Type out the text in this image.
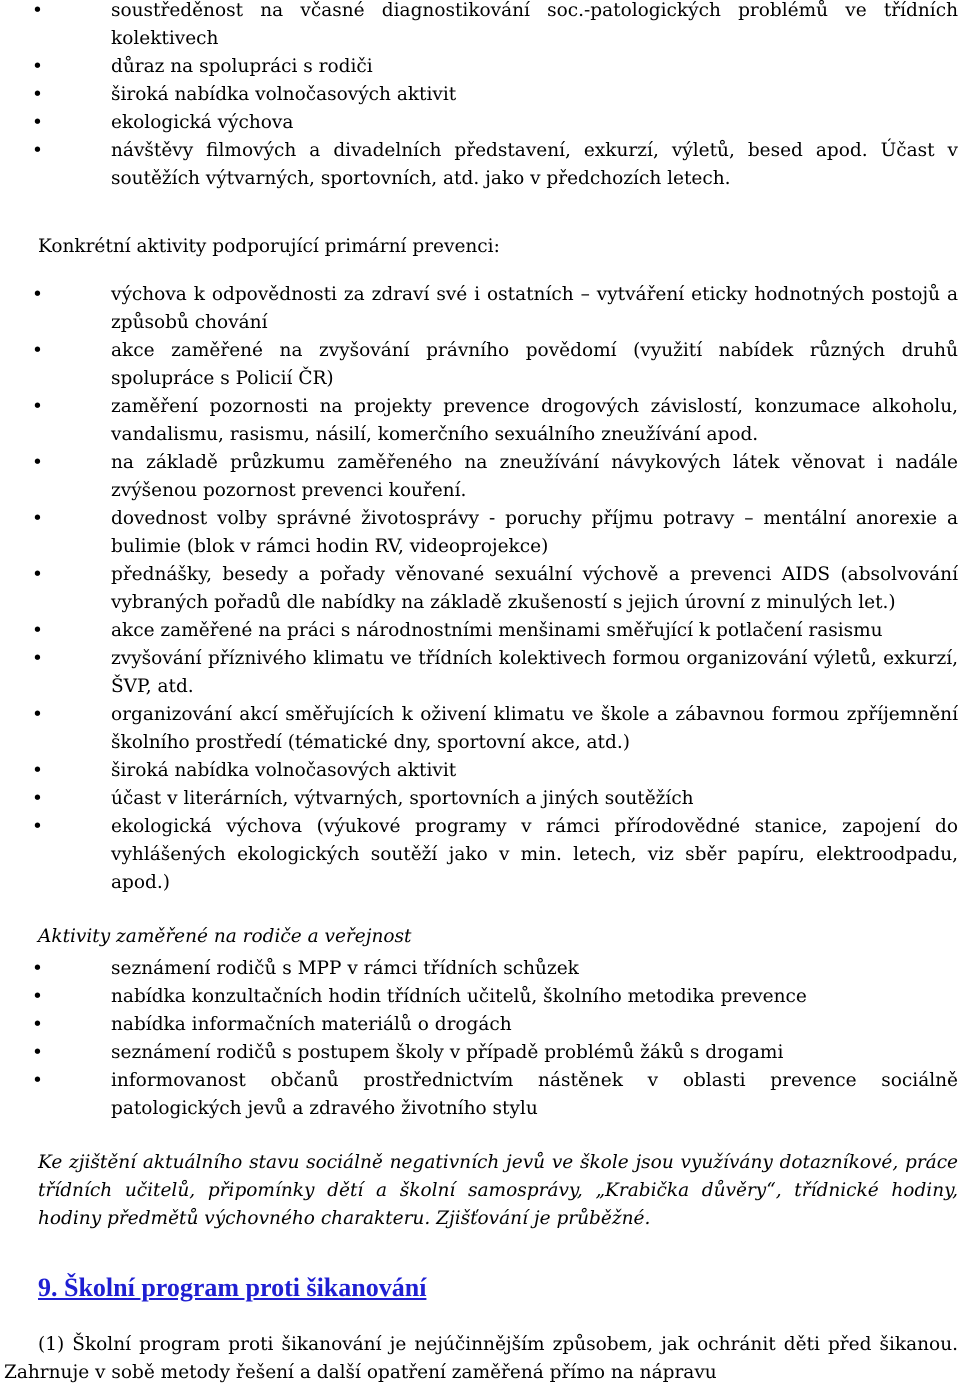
•soustředěnost na včasné diagnostikování soc.-patologických problémů ve třídních kolektivech

•důraz na spolupráci s rodiči

•široká nabídka volnočasových aktivit

•ekologická výchova

•návštěvy filmových a divadelních představení, exkurzí, výletů, besed apod. Účast v soutěžích výtvarných, sportovních, atd. jako v předchozích letech.

Konkrétní aktivity podporující primární prevenci:

•výchova k odpovědnosti za zdraví své i ostatních – vytváření eticky hodnotných postojů a způsobů chování

•akce zaměřené na zvyšování právního povědomí (využití nabídek různých druhů spolupráce s Policií ČR)

•zaměření pozornosti na projekty prevence drogových závislostí, konzumace alkoholu, vandalismu, rasismu, násilí, komerčního sexuálního zneužívání apod.

•na základě průzkumu zaměřeného na zneužívání návykových látek věnovat i nadále zvýšenou pozornost prevenci kouření.

•dovednost volby správné životosprávy - poruchy příjmu potravy – mentální anorexie a bulimie (blok v rámci hodin RV, videoprojekce)

•přednášky, besedy a pořady věnované sexuální výchově a prevenci AIDS (absolvování vybraných pořadů dle nabídky na základě zkušeností s jejich úrovní z minulých let.)

•akce zaměřené na práci s národnostními menšinami směřující k potlačení rasismu

•zvyšování příznivého klimatu ve třídních kolektivech formou organizování výletů, exkurzí, ŠVP, atd.

•organizování akcí směřujících k oživení klimatu ve škole a zábavnou formou zpříjemnění školního prostředí (tématické dny, sportovní akce, atd.)

•široká nabídka volnočasových aktivit

•účast v literárních, výtvarných, sportovních a jiných soutěžích

•ekologická výchova (výukové programy v rámci přírodovědné stanice, zapojení do vyhlášených ekologických soutěží jako v min. letech, viz sběr papíru, elektroodpadu, apod.)

Aktivity zaměřené na rodiče a veřejnost

•seznámení rodičů s MPP v rámci třídních schůzek

•nabídka konzultačních hodin třídních učitelů, školního metodika prevence

•nabídka informačních materiálů o drogách

•seznámení rodičů s postupem školy v případě problémů žáků s drogami

•informovanost občanů prostřednictvím nástěnek v oblasti prevence sociálně patologických jevů a zdravého životního stylu

Ke zjištění aktuálního stavu sociálně negativních jevů ve škole jsou využívány dotazníkové, práce třídních učitelů, připomínky dětí a školní samosprávy, „Krabička důvěry“, třídnické hodiny, hodiny předmětů výchovného charakteru. Zjišťování je průběžné.

9. Školní program proti šikanování

(1) Školní program proti šikanování je nejúčinnějším způsobem, jak ochránit děti před šikanou. Zahrnuje v sobě metody řešení a další opatření zaměřená přímo na nápravu
